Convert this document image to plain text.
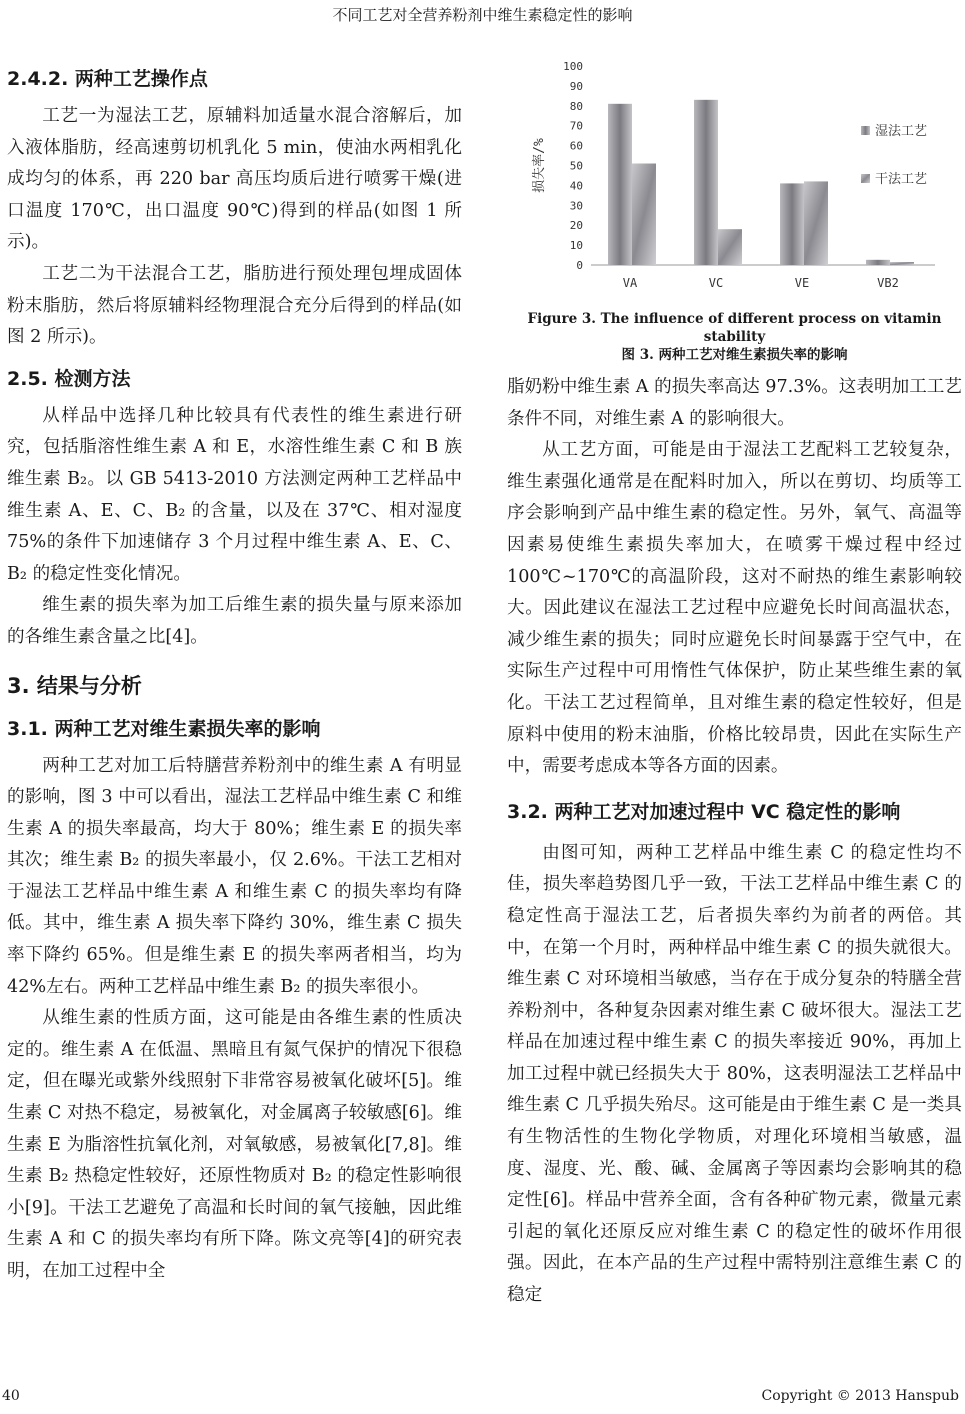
不同工艺对全营养粉剂中维生素稳定性的影响
2.4.2. 两种工艺操作点

工艺一为湿法工艺，原辅料加适量水混合溶解后，加入液体脂肪，经高速剪切机乳化 5 min，使油水两相乳化成均匀的体系，再 220 bar 高压均质后进行喷雾干燥(进口温度 170℃，出口温度 90℃)得到的样品(如图 1 所示)。

工艺二为干法混合工艺，脂肪进行预处理包埋成固体粉末脂肪，然后将原辅料经物理混合充分后得到的样品(如图 2 所示)。

2.5. 检测方法

从样品中选择几种比较具有代表性的维生素进行研究，包括脂溶性维生素 A 和 E，水溶性维生素 C 和 B 族维生素 B₂。以 GB 5413-2010 方法测定两种工艺样品中维生素 A、E、C、B₂ 的含量，以及在 37℃、相对湿度 75%的条件下加速储存 3 个月过程中维生素 A、E、C、B₂ 的稳定性变化情况。

维生素的损失率为加工后维生素的损失量与原来添加的各维生素含量之比[4]。

3. 结果与分析
3.1. 两种工艺对维生素损失率的影响

两种工艺对加工后特膳营养粉剂中的维生素 A 有明显的影响，图 3 中可以看出，湿法工艺样品中维生素 C 和维生素 A 的损失率最高，均大于 80%；维生素 E 的损失率其次；维生素 B₂ 的损失率最小，仅 2.6%。干法工艺相对于湿法工艺样品中维生素 A 和维生素 C 的损失率均有降低。其中，维生素 A 损失率下降约 30%，维生素 C 损失率下降约 65%。但是维生素 E 的损失率两者相当，均为 42%左右。两种工艺样品中维生素 B₂ 的损失率很小。

从维生素的性质方面，这可能是由各维生素的性质决定的。维生素 A 在低温、黑暗且有氮气保护的情况下很稳定，但在曝光或紫外线照射下非常容易被氧化破坏[5]。维生素 C 对热不稳定，易被氧化，对金属离子较敏感[6]。维生素 E 为脂溶性抗氧化剂，对氧敏感，易被氧化[7,8]。维生素 B₂ 热稳定性较好，还原性物质对 B₂ 的稳定性影响很小[9]。干法工艺避免了高温和长时间的氧气接触，因此维生素 A 和 C 的损失率均有所下降。陈文亮等[4]的研究表明，在加工过程中全

0
10
20
30
40
50
60
70
80
90
100
损失率/%
VA	VC	VE	VB2
湿法工艺
干法工艺
Figure 3. The influence of different process on vitamin stability
图 3. 两种工艺对维生素损失率的影响

脂奶粉中维生素 A 的损失率高达 97.3%。这表明加工工艺条件不同，对维生素 A 的影响很大。

从工艺方面，可能是由于湿法工艺配料工艺较复杂，维生素强化通常是在配料时加入，所以在剪切、均质等工序会影响到产品中维生素的稳定性。另外，氧气、高温等因素易使维生素损失率加大，在喷雾干燥过程中经过 100℃~170℃的高温阶段，这对不耐热的维生素影响较大。因此建议在湿法工艺过程中应避免长时间高温状态，减少维生素的损失；同时应避免长时间暴露于空气中，在实际生产过程中可用惰性气体保护，防止某些维生素的氧化。干法工艺过程简单，且对维生素的稳定性较好，但是原料中使用的粉末油脂，价格比较昂贵，因此在实际生产中，需要考虑成本等各方面的因素。

3.2. 两种工艺对加速过程中 VC 稳定性的影响

由图可知，两种工艺样品中维生素 C 的稳定性均不佳，损失率趋势图几乎一致，干法工艺样品中维生素 C 的稳定性高于湿法工艺，后者损失率约为前者的两倍。其中，在第一个月时，两种样品中维生素 C 的损失就很大。维生素 C 对环境相当敏感，当存在于成分复杂的特膳全营养粉剂中，各种复杂因素对维生素 C 破坏很大。湿法工艺样品在加速过程中维生素 C 的损失率接近 90%，再加上加工过程中就已经损失大于 80%，这表明湿法工艺样品中维生素 C 几乎损失殆尽。这可能是由于维生素 C 是一类具有生物活性的生物化学物质，对理化环境相当敏感，温度、湿度、光、酸、碱、金属离子等因素均会影响其的稳定性[6]。样品中营养全面，含有各种矿物元素，微量元素引起的氧化还原反应对维生素 C 的稳定性的破坏作用很强。因此，在本产品的生产过程中需特别注意维生素 C 的稳定

40	Copyright © 2013 Hanspub
